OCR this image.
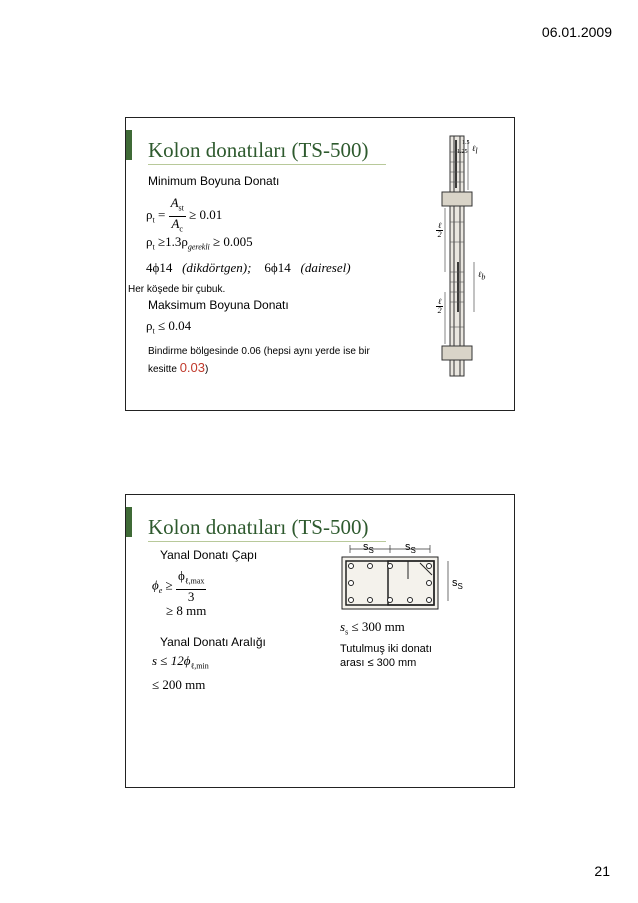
06.01.2009
Kolon donatıları (TS-500)
Minimum Boyuna Donatı
$\rho_t = \frac{A_{st}}{A_c} \ge 0.01$
$\rho_t \ge 1.3\rho_{gerekli} \ge 0.005$
4ϕ14 (dikdörtgen); 6ϕ14 (dairesel)
Her köşede bir çubuk.
Maksimum Boyuna Donatı
$\rho_t \le 0.04$
Bindirme bölgesinde 0.06 (hepsi aynı yerde ise bir
kesitte 0.03)
1.5
1.25 ℓ$_l$
$\frac{\text{ℓ}}{2}$
$\frac{\text{ℓ}}{2}$
ℓ$_b$
Kolon donatıları (TS-500)
Yanal Donatı Çapı
$\phi_e \ge \frac{\phi_{\ell,max}}{3}$
≥ 8 mm
Yanal Donatı Aralığı
$s \le 12\phi_{\ell,min}$
≤ 200 mm
$s_S$	$s_S$
$s_S$
$s_s \le 300$ mm
Tutulmuş iki donatı
arası ≤ 300 mm
21
